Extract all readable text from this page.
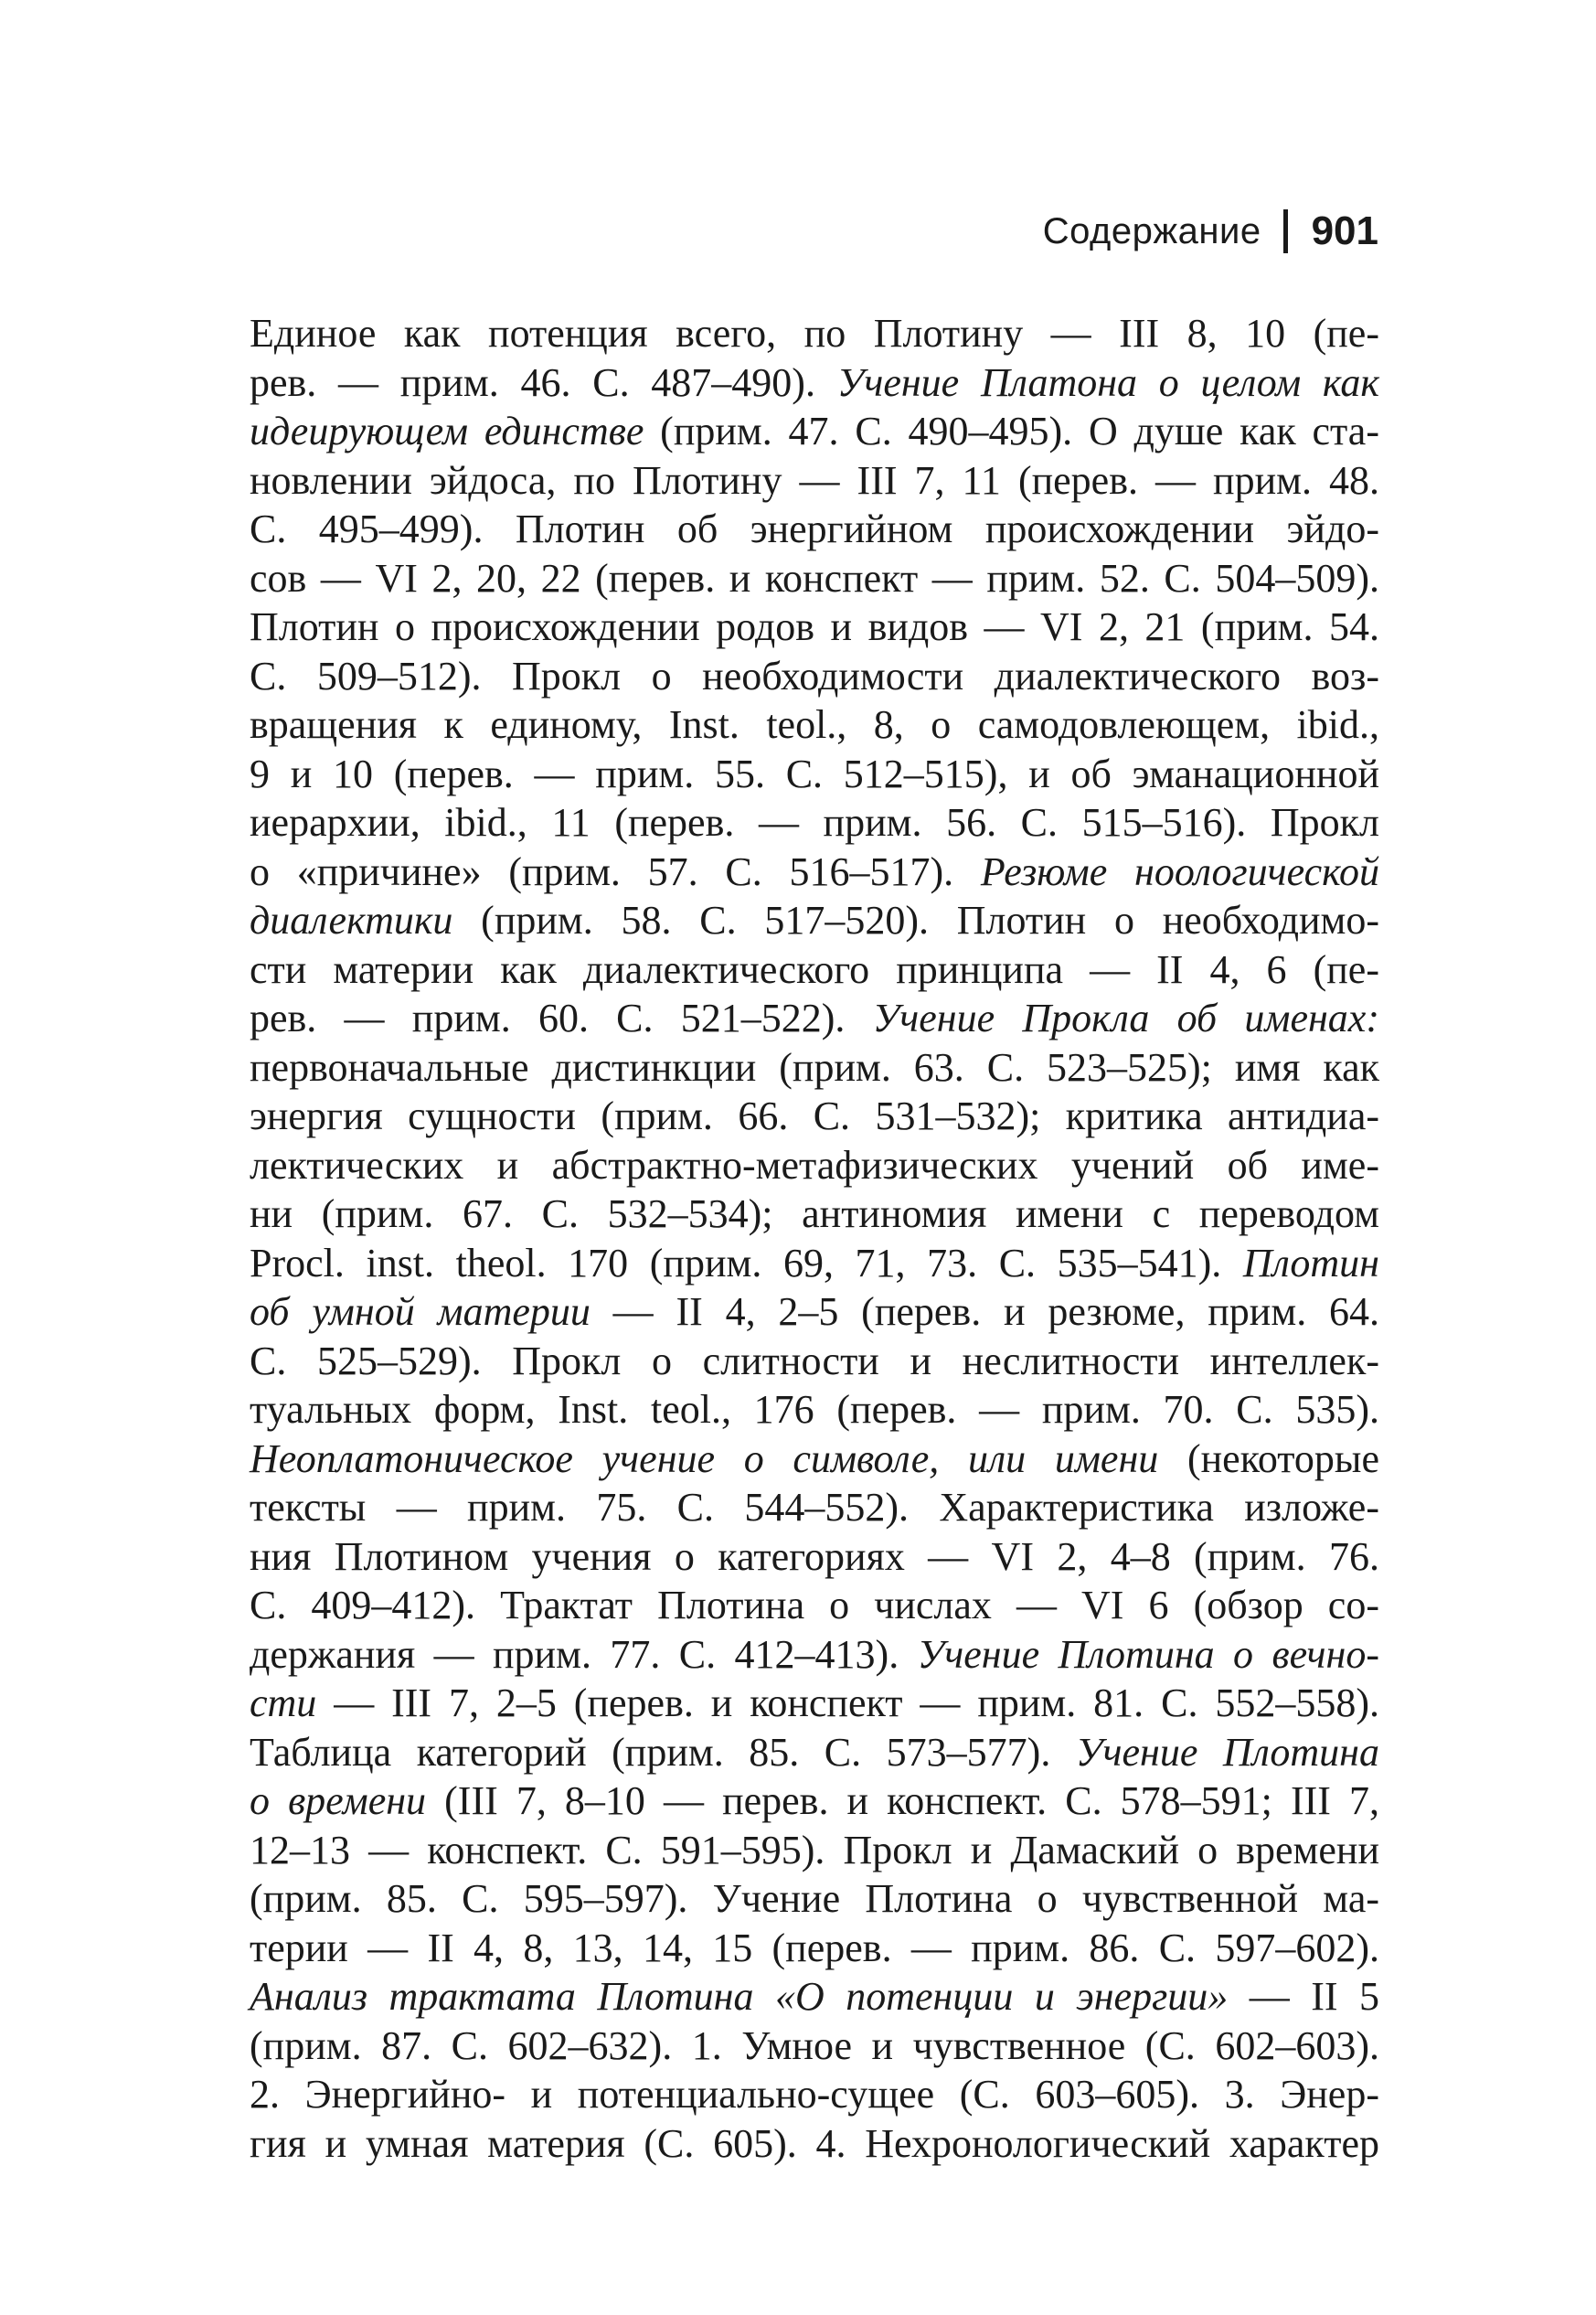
Содержание 901
Единое как потенция всего, по Плотину — III 8, 10 (пе-
рев. — прим. 46. С. 487–490). Учение Платона о целом как
идеирующем единстве (прим. 47. С. 490–495). О душе как ста-
новлении эйдоса, по Плотину — III 7, 11 (перев. — прим. 48.
С. 495–499). Плотин об энергийном происхождении эйдо-
сов — VI 2, 20, 22 (перев. и конспект — прим. 52. С. 504–509).
Плотин о происхождении родов и видов — VI 2, 21 (прим. 54.
С. 509–512). Прокл о необходимости диалектического воз-
вращения к единому, Inst. teol., 8, о самодовлеющем, ibid.,
9 и 10 (перев. — прим. 55. С. 512–515), и об эманационной
иерархии, ibid., 11 (перев. — прим. 56. С. 515–516). Прокл
о «причине» (прим. 57. С. 516–517). Резюме ноологической
диалектики (прим. 58. С. 517–520). Плотин о необходимо-
сти материи как диалектического принципа — II 4, 6 (пе-
рев. — прим. 60. С. 521–522). Учение Прокла об именах:
первоначальные дистинкции (прим. 63. С. 523–525); имя как
энергия сущности (прим. 66. С. 531–532); критика антидиа-
лектических и абстрактно-метафизических учений об име-
ни (прим. 67. С. 532–534); антиномия имени с переводом
Procl. inst. theol. 170 (прим. 69, 71, 73. С. 535–541). Плотин
об умной материи — II 4, 2–5 (перев. и резюме, прим. 64.
С. 525–529). Прокл о слитности и неслитности интеллек-
туальных форм, Inst. teol., 176 (перев. — прим. 70. С. 535).
Неоплатоническое учение о символе, или имени (некоторые
тексты — прим. 75. С. 544–552). Характеристика изложе-
ния Плотином учения о категориях — VI 2, 4–8 (прим. 76.
С. 409–412). Трактат Плотина о числах — VI 6 (обзор со-
держания — прим. 77. С. 412–413). Учение Плотина о вечно-
сти — III 7, 2–5 (перев. и конспект — прим. 81. С. 552–558).
Таблица категорий (прим. 85. С. 573–577). Учение Плотина
о времени (III 7, 8–10 — перев. и конспект. С. 578–591; III 7,
12–13 — конспект. С. 591–595). Прокл и Дамаский о времени
(прим. 85. С. 595–597). Учение Плотина о чувственной ма-
терии — II 4, 8, 13, 14, 15 (перев. — прим. 86. С. 597–602).
Анализ трактата Плотина «О потенции и энергии» — II 5
(прим. 87. С. 602–632). 1. Умное и чувственное (С. 602–603).
2. Энергийно- и потенциально-сущее (С. 603–605). 3. Энер-
гия и умная материя (С. 605). 4. Нехронологический характер
